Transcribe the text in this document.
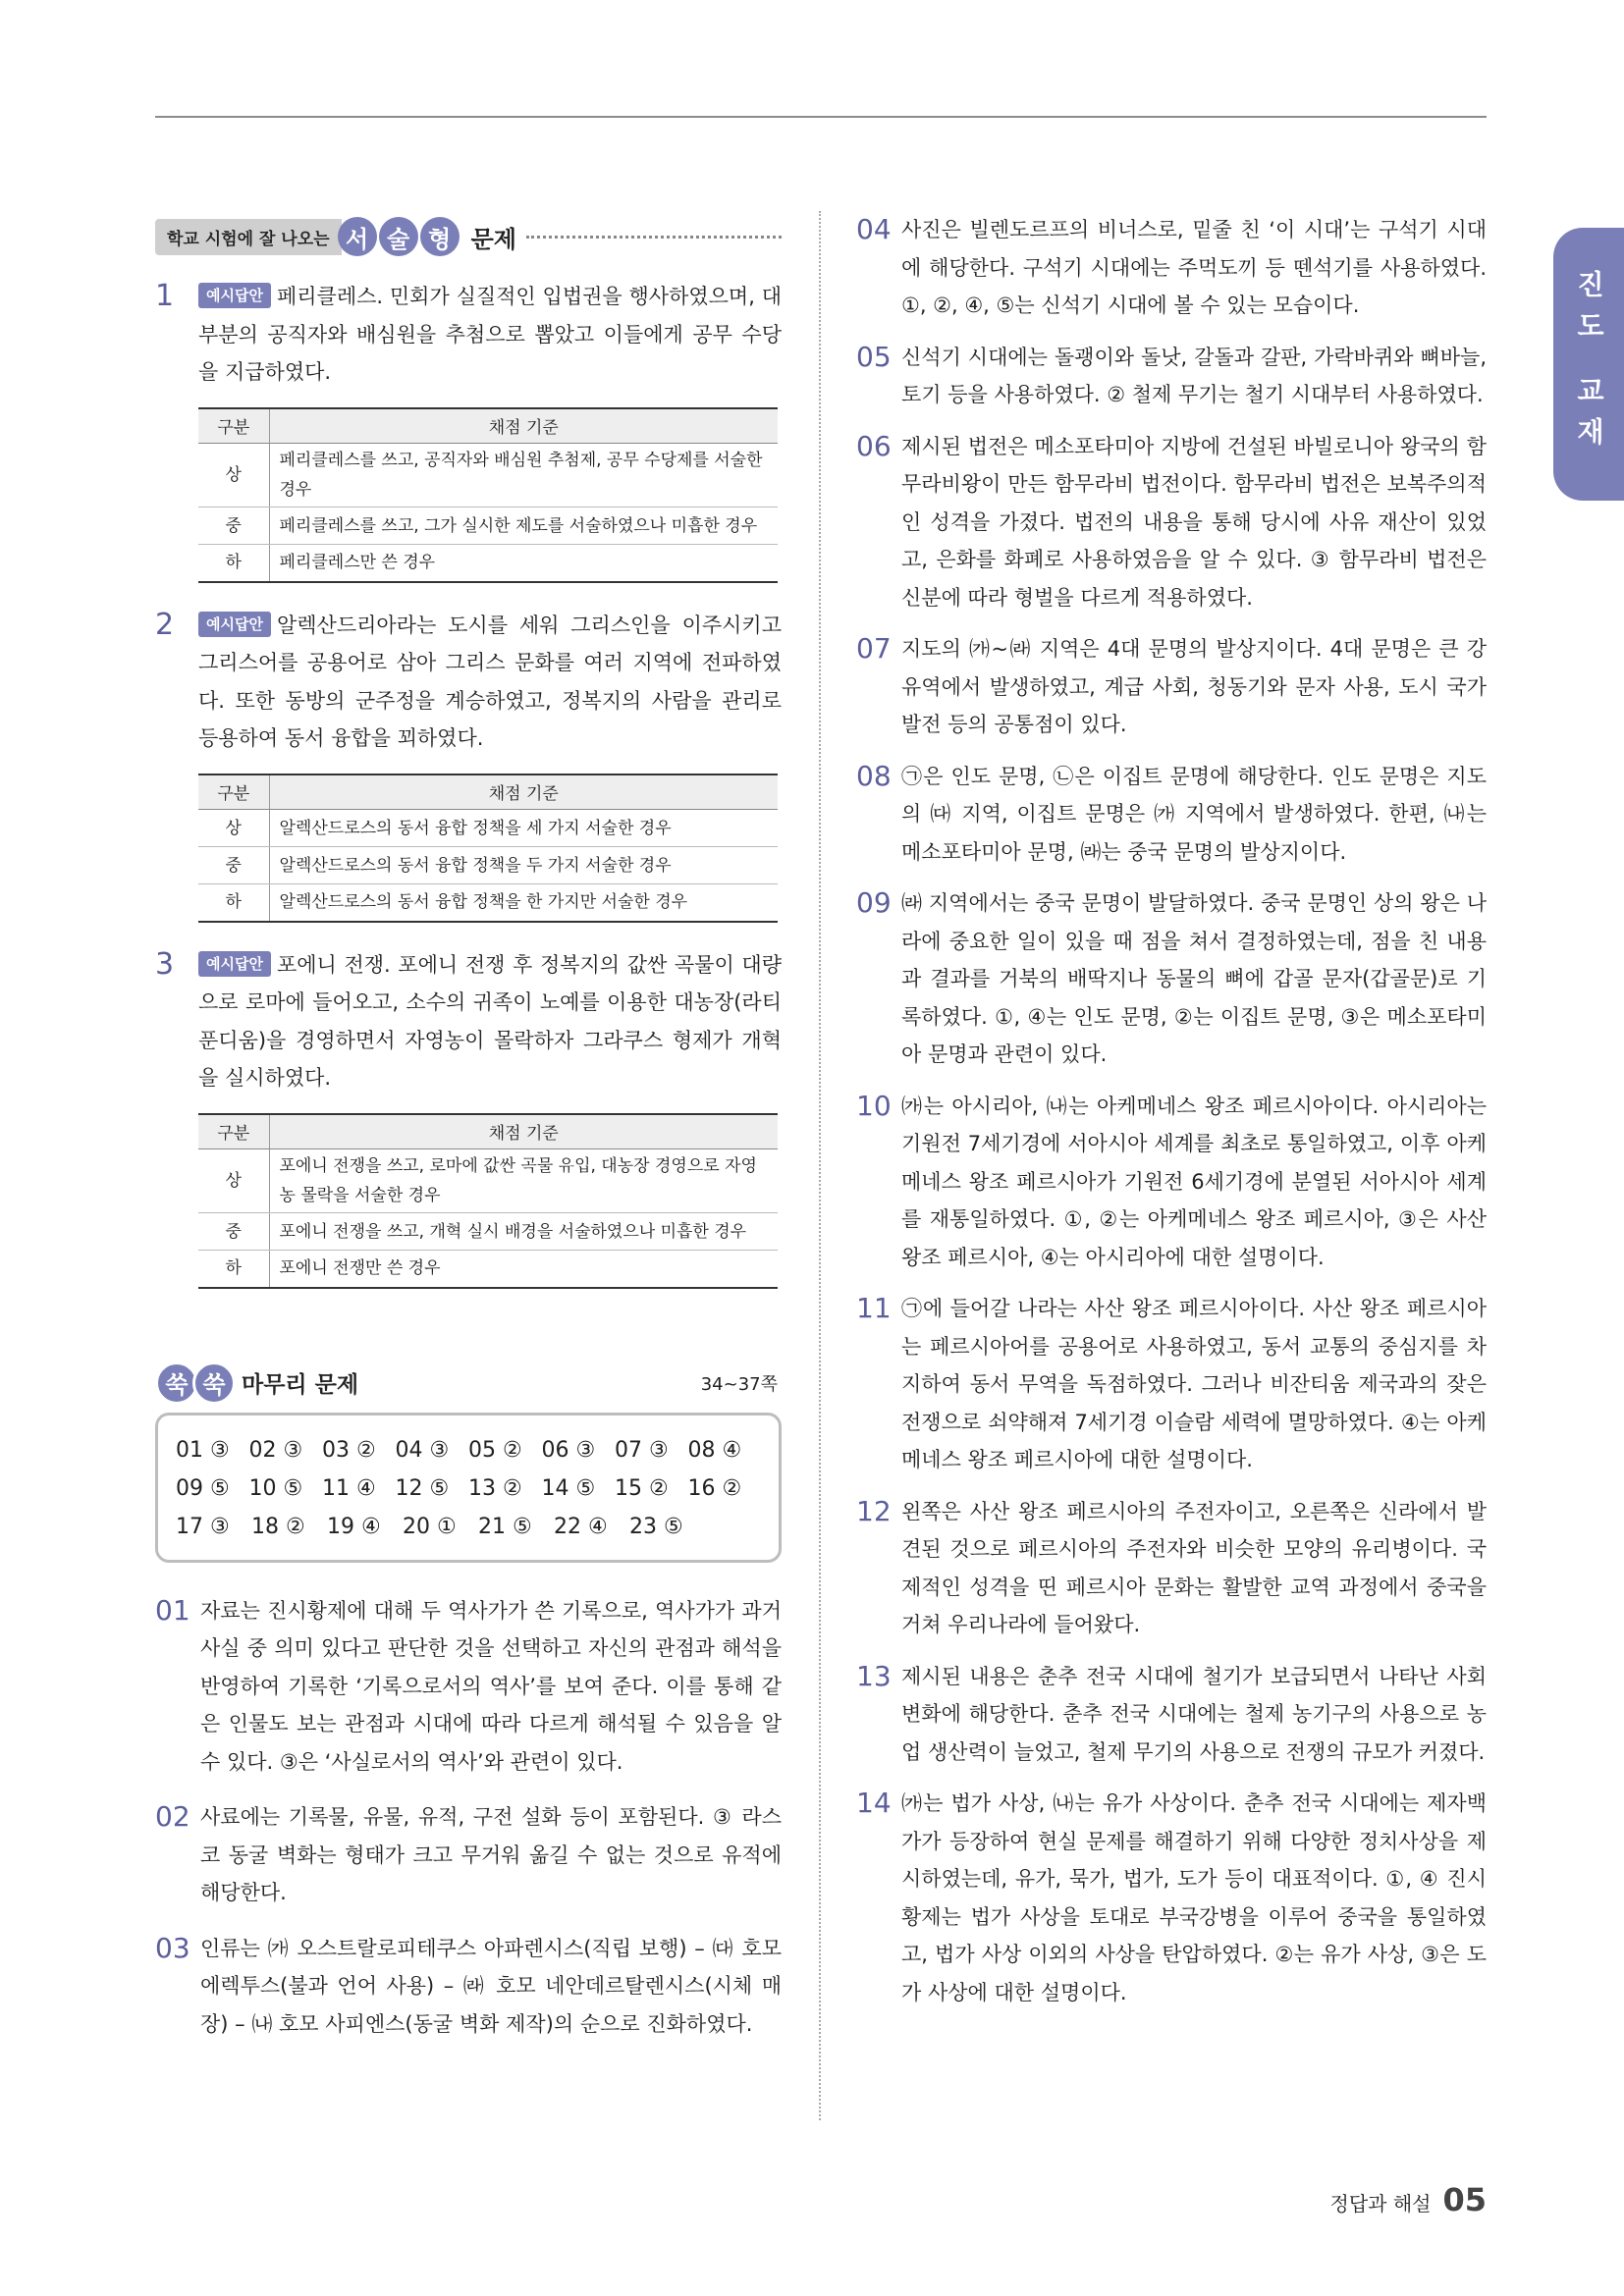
진도 교재
학교 시험에 잘 나오는 서 술 형 문제
1	예시답안 페리클레스. 민회가 실질적인 입법권을 행사하였으며, 대부분의 공직자와 배심원을 추첨으로 뽑았고 이들에게 공무 수당을 지급하였다.

구분	채점 기준
상	페리클레스를 쓰고, 공직자와 배심원 추첨제, 공무 수당제를 서술한 경우
중	페리클레스를 쓰고, 그가 실시한 제도를 서술하였으나 미흡한 경우
하	페리클레스만 쓴 경우
2	예시답안 알렉산드리아라는 도시를 세워 그리스인을 이주시키고 그리스어를 공용어로 삼아 그리스 문화를 여러 지역에 전파하였다. 또한 동방의 군주정을 계승하였고, 정복지의 사람을 관리로 등용하여 동서 융합을 꾀하였다.

구분	채점 기준
상	알렉산드로스의 동서 융합 정책을 세 가지 서술한 경우
중	알렉산드로스의 동서 융합 정책을 두 가지 서술한 경우
하	알렉산드로스의 동서 융합 정책을 한 가지만 서술한 경우
3	예시답안 포에니 전쟁. 포에니 전쟁 후 정복지의 값싼 곡물이 대량으로 로마에 들어오고, 소수의 귀족이 노예를 이용한 대농장(라티푼디움)을 경영하면서 자영농이 몰락하자 그라쿠스 형제가 개혁을 실시하였다.

구분	채점 기준
상	포에니 전쟁을 쓰고, 로마에 값싼 곡물 유입, 대농장 경영으로 자영농 몰락을 서술한 경우
중	포에니 전쟁을 쓰고, 개혁 실시 배경을 서술하였으나 미흡한 경우
하	포에니 전쟁만 쓴 경우
쑥 쑥 마무리 문제	34~37쪽
01 ③ 02 ③ 03 ② 04 ③ 05 ② 06 ③ 07 ③ 08 ④
09 ⑤ 10 ⑤ 11 ④ 12 ⑤ 13 ② 14 ⑤ 15 ② 16 ②
17 ③	18 ②	19 ④	20 ①	21 ⑤	22 ④	23 ⑤
01 자료는 진시황제에 대해 두 역사가가 쓴 기록으로, 역사가가 과거 사실 중 의미 있다고 판단한 것을 선택하고 자신의 관점과 해석을 반영하여 기록한 ‘기록으로서의 역사’를 보여 준다. 이를 통해 같은 인물도 보는 관점과 시대에 따라 다르게 해석될 수 있음을 알 수 있다. ③은 ‘사실로서의 역사’와 관련이 있다.

02 사료에는 기록물, 유물, 유적, 구전 설화 등이 포함된다. ③ 라스코 동굴 벽화는 형태가 크고 무거워 옮길 수 없는 것으로 유적에 해당한다.

03 인류는 ㈎ 오스트랄로피테쿠스 아파렌시스(직립 보행) – ㈐ 호모 에렉투스(불과 언어 사용) – ㈑ 호모 네안데르탈렌시스(시체 매장) – ㈏ 호모 사피엔스(동굴 벽화 제작)의 순으로 진화하였다.

04 사진은 빌렌도르프의 비너스로, 밑줄 친 ‘이 시대’는 구석기 시대에 해당한다. 구석기 시대에는 주먹도끼 등 뗀석기를 사용하였다. ①, ②, ④, ⑤는 신석기 시대에 볼 수 있는 모습이다.

05 신석기 시대에는 돌괭이와 돌낫, 갈돌과 갈판, 가락바퀴와 뼈바늘, 토기 등을 사용하였다. ② 철제 무기는 철기 시대부터 사용하였다.

06 제시된 법전은 메소포타미아 지방에 건설된 바빌로니아 왕국의 함무라비왕이 만든 함무라비 법전이다. 함무라비 법전은 보복주의적인 성격을 가졌다. 법전의 내용을 통해 당시에 사유 재산이 있었고, 은화를 화폐로 사용하였음을 알 수 있다. ③ 함무라비 법전은 신분에 따라 형벌을 다르게 적용하였다.

07 지도의 ㈎~㈑ 지역은 4대 문명의 발상지이다. 4대 문명은 큰 강 유역에서 발생하였고, 계급 사회, 청동기와 문자 사용, 도시 국가 발전 등의 공통점이 있다.

08 ㉠은 인도 문명, ㉡은 이집트 문명에 해당한다. 인도 문명은 지도의 ㈐ 지역, 이집트 문명은 ㈎ 지역에서 발생하였다. 한편, ㈏는 메소포타미아 문명, ㈑는 중국 문명의 발상지이다.

09 ㈑ 지역에서는 중국 문명이 발달하였다. 중국 문명인 상의 왕은 나라에 중요한 일이 있을 때 점을 쳐서 결정하였는데, 점을 친 내용과 결과를 거북의 배딱지나 동물의 뼈에 갑골 문자(갑골문)로 기록하였다. ①, ④는 인도 문명, ②는 이집트 문명, ③은 메소포타미아 문명과 관련이 있다.

10 ㈎는 아시리아, ㈏는 아케메네스 왕조 페르시아이다. 아시리아는 기원전 7세기경에 서아시아 세계를 최초로 통일하였고, 이후 아케메네스 왕조 페르시아가 기원전 6세기경에 분열된 서아시아 세계를 재통일하였다. ①, ②는 아케메네스 왕조 페르시아, ③은 사산 왕조 페르시아, ④는 아시리아에 대한 설명이다.

11 ㉠에 들어갈 나라는 사산 왕조 페르시아이다. 사산 왕조 페르시아는 페르시아어를 공용어로 사용하였고, 동서 교통의 중심지를 차지하여 동서 무역을 독점하였다. 그러나 비잔티움 제국과의 잦은 전쟁으로 쇠약해져 7세기경 이슬람 세력에 멸망하였다. ④는 아케메네스 왕조 페르시아에 대한 설명이다.

12 왼쪽은 사산 왕조 페르시아의 주전자이고, 오른쪽은 신라에서 발견된 것으로 페르시아의 주전자와 비슷한 모양의 유리병이다. 국제적인 성격을 띤 페르시아 문화는 활발한 교역 과정에서 중국을 거쳐 우리나라에 들어왔다.

13 제시된 내용은 춘추 전국 시대에 철기가 보급되면서 나타난 사회 변화에 해당한다. 춘추 전국 시대에는 철제 농기구의 사용으로 농업 생산력이 늘었고, 철제 무기의 사용으로 전쟁의 규모가 커졌다.

14 ㈎는 법가 사상, ㈏는 유가 사상이다. 춘추 전국 시대에는 제자백가가 등장하여 현실 문제를 해결하기 위해 다양한 정치사상을 제시하였는데, 유가, 묵가, 법가, 도가 등이 대표적이다. ①, ④ 진시황제는 법가 사상을 토대로 부국강병을 이루어 중국을 통일하였고, 법가 사상 이외의 사상을 탄압하였다. ②는 유가 사상, ③은 도가 사상에 대한 설명이다.

정답과 해설 05
